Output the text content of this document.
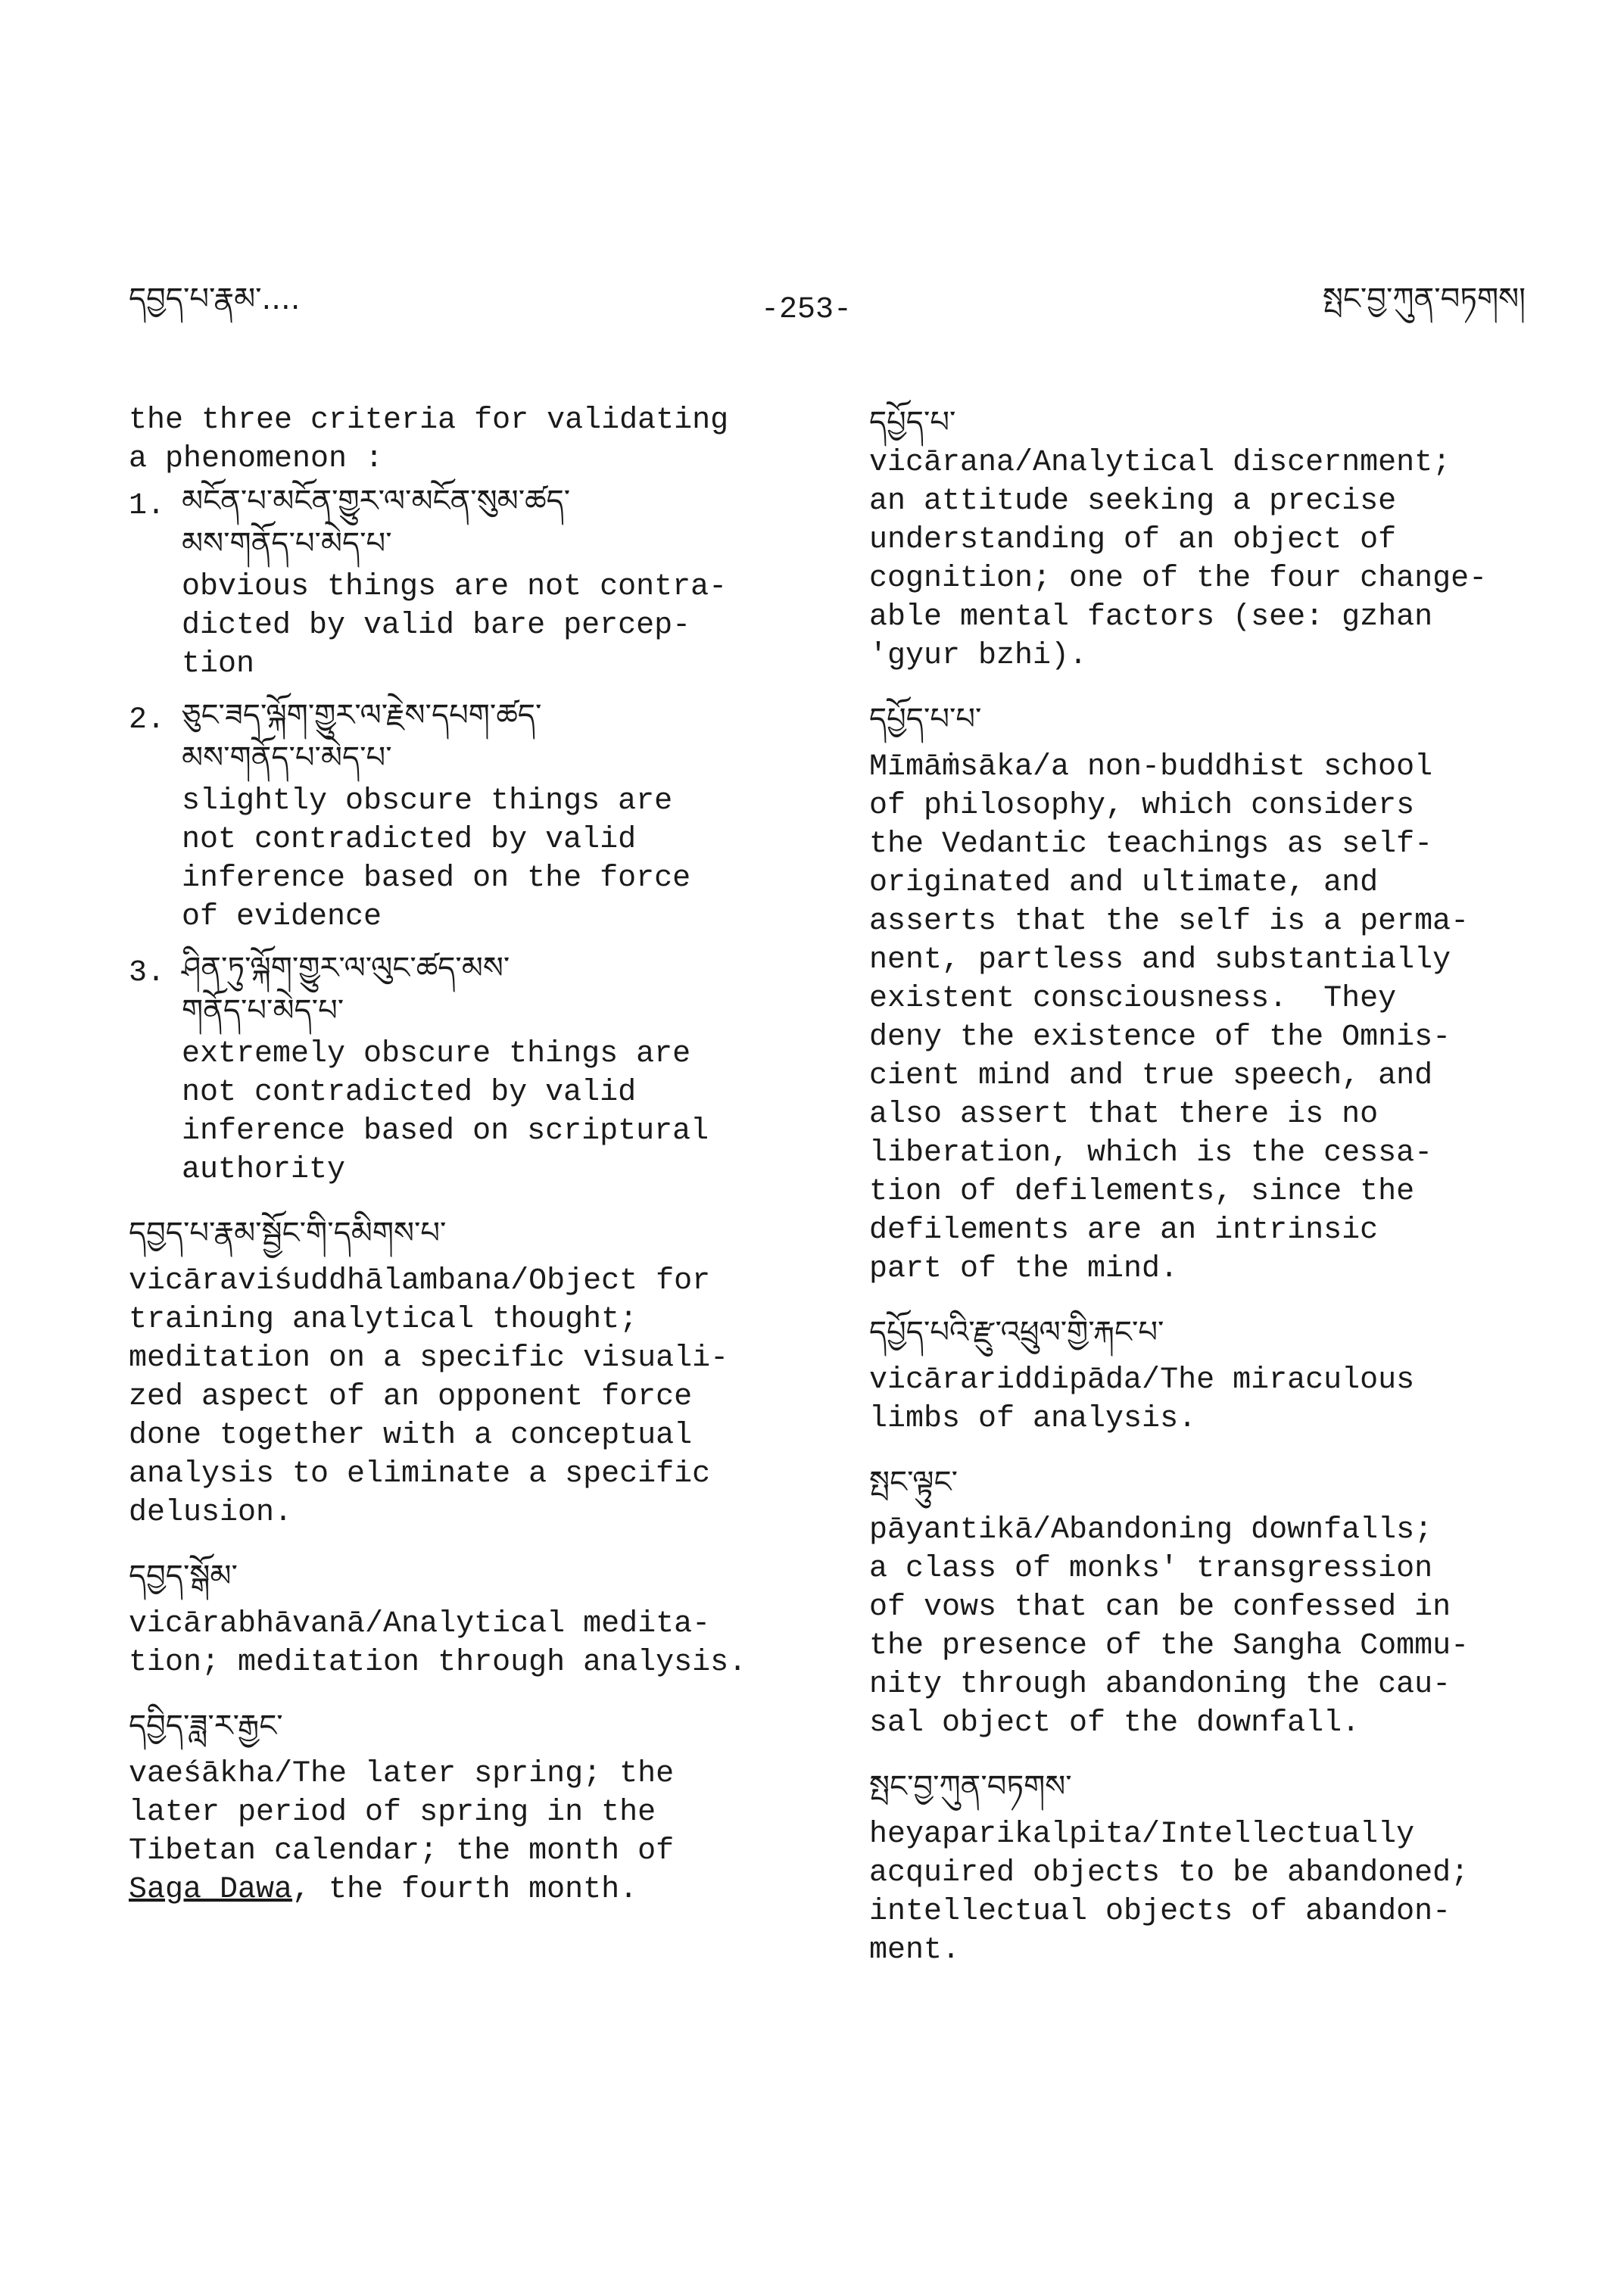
དབྱད་པ་རྣམ་....	-253-	སྤང་བྱ་ཀུན་བཏགས།
the three criteria for validating
a phenomenon :
1. མངོན་པ་མངོན་གྱུར་ལ་མངོན་སུམ་ཚད་
མས་གནོད་པ་མེད་པ་
obvious things are not contra-
dicted by valid bare percep-
tion
2. ཅུང་ཟད་ལྐོག་གྱུར་ལ་རྗེས་དཔག་ཚད་
མས་གནོད་པ་མེད་པ་
slightly obscure things are
not contradicted by valid
inference based on the force
of evidence
3. ཤིན་ཏུ་ལྐོག་གྱུར་ལ་ལུང་ཚད་མས་
གནོད་པ་མེད་པ་
extremely obscure things are
not contradicted by valid
inference based on scriptural
authority
དབྱད་པ་རྣམ་སྦྱོང་གི་དམིགས་པ་
vicāraviśuddhālambana/Object for
training analytical thought;
meditation on a specific visuali-
zed aspect of an opponent force
done together with a conceptual
analysis to eliminate a specific
delusion.
དབྱད་སྒོམ་
vicārabhāvanā/Analytical medita-
tion; meditation through analysis.
དབྱིད་ཟླ་ར་རྒྱང་
vaeśākha/The later spring; the
later period of spring in the
Tibetan calendar; the month of
Saga Dawa, the fourth month.
དཔྱོད་པ་
vicārana/Analytical discernment;
an attitude seeking a precise
understanding of an object of
cognition; one of the four change-
able mental factors (see: gzhan
'gyur bzhi).
དཔྱོད་པ་པ་
Mīmāṁsāka/a non-buddhist school
of philosophy, which considers
the Vedantic teachings as self-
originated and ultimate, and
asserts that the self is a perma-
nent, partless and substantially
existent consciousness.  They
deny the existence of the Omnis-
cient mind and true speech, and
also assert that there is no
liberation, which is the cessa-
tion of defilements, since the
defilements are an intrinsic
part of the mind.
དཔྱོད་པའི་རྫུ་འཕྲུལ་གྱི་རྐང་པ་
vicārariddipāda/The miraculous
limbs of analysis.
སྤང་ལྟུང་
pāyantikā/Abandoning downfalls;
a class of monks' transgression
of vows that can be confessed in
the presence of the Sangha Commu-
nity through abandoning the cau-
sal object of the downfall.
སྤང་བྱ་ཀུན་བཏགས་
heyaparikalpita/Intellectually
acquired objects to be abandoned;
intellectual objects of abandon-
ment.
